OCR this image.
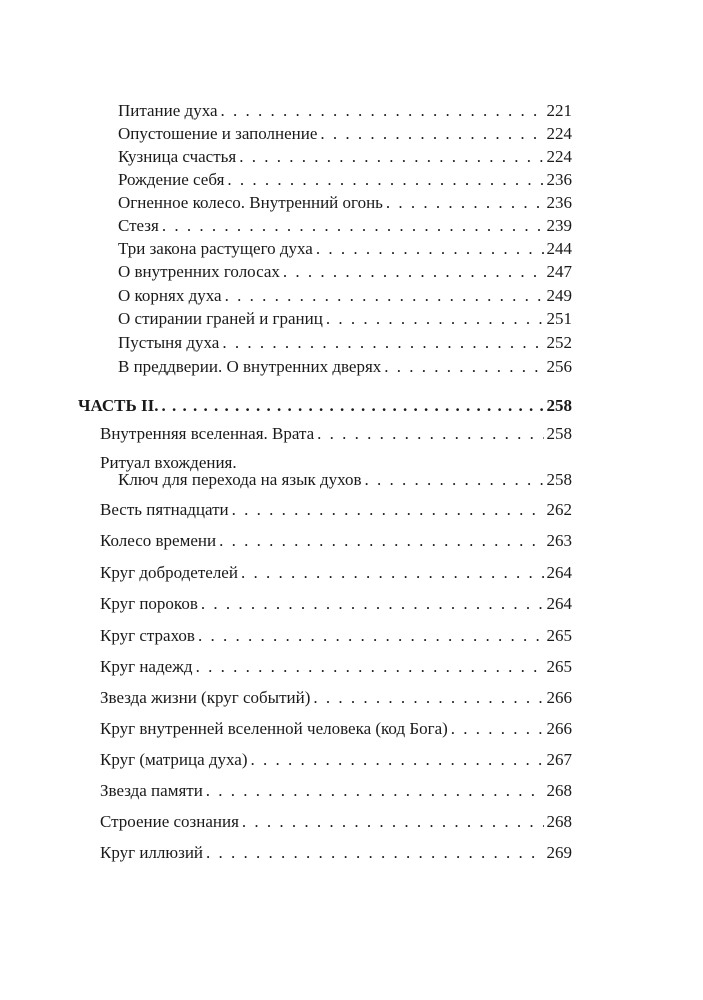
Питание духа . . .	221
Опустошение и заполнение . . .	224
Кузница счастья . . .	224
Рождение себя . . .	236
Огненное колесо. Внутренний огонь . . .	236
Стезя . . .	239
Три закона растущего духа . . .	244
О внутренних голосах . . .	247
О корнях духа . . .	249
О стирании граней и границ . . .	251
Пустыня духа . . .	252
В преддверии. О внутренних дверях . . .	256
ЧАСТЬ II. . . .	258
Внутренняя вселенная. Врата . . .	258
Ритуал вхождения.
Ключ для перехода на язык духов . . .	258
Весть пятнадцати . . .	262
Колесо времени . . .	263
Круг добродетелей . . .	264
Круг пороков . . .	264
Круг страхов . . .	265
Круг надежд . . .	265
Звезда жизни (круг событий) . . .	266
Круг внутренней вселенной человека (код Бога) . . .	266
Круг (матрица духа) . . .	267
Звезда памяти . . .	268
Строение сознания . . .	268
Круг иллюзий . . .	269
